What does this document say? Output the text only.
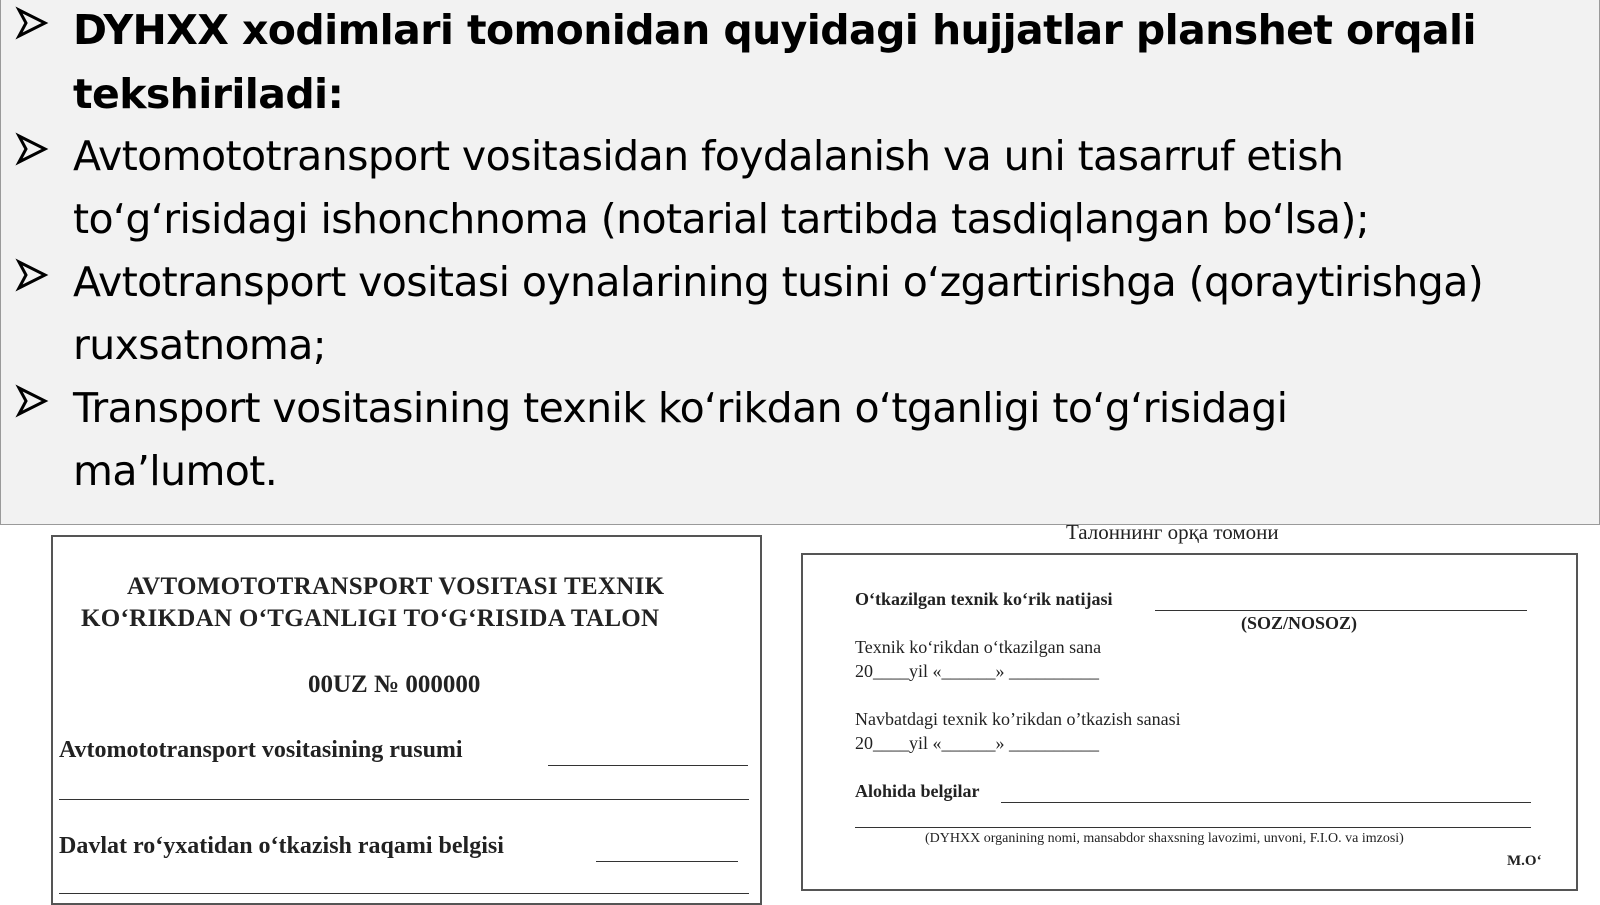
DYHXX xodimlari tomonidan quyidagi hujjatlar planshet orqali
tekshiriladi:
Avtomototransport vositasidan foydalanish va uni tasarruf etish
to‘g‘risidagi ishonchnoma (notarial tartibda tasdiqlangan bo‘lsa);
Avtotransport vositasi oynalarining tusini o‘zgartirishga (qoraytirishga)
ruxsatnoma;
Transport vositasining texnik ko‘rikdan o‘tganligi to‘g‘risidagi
ma’lumot.
AVTOMOTOTRANSPORT VOSITASI TEXNIK
KO‘RIKDAN O‘TGANLIGI TO‘G‘RISIDA TALON
00UZ № 000000
Avtomototransport vositasining rusumi
Davlat ro‘yxatidan o‘tkazish raqami belgisi
Талоннинг орқа томони
O‘tkazilgan texnik ko‘rik natijasi
(SOZ/NOSOZ)
Texnik ko‘rikdan o‘tkazilgan sana
20____yil «______» __________
Navbatdagi texnik ko’rikdan o’tkazish sanasi
20____yil «______» __________
Alohida belgilar
(DYHXX organining nomi, mansabdor shaxsning lavozimi, unvoni, F.I.O. va imzosi)
M.O‘
